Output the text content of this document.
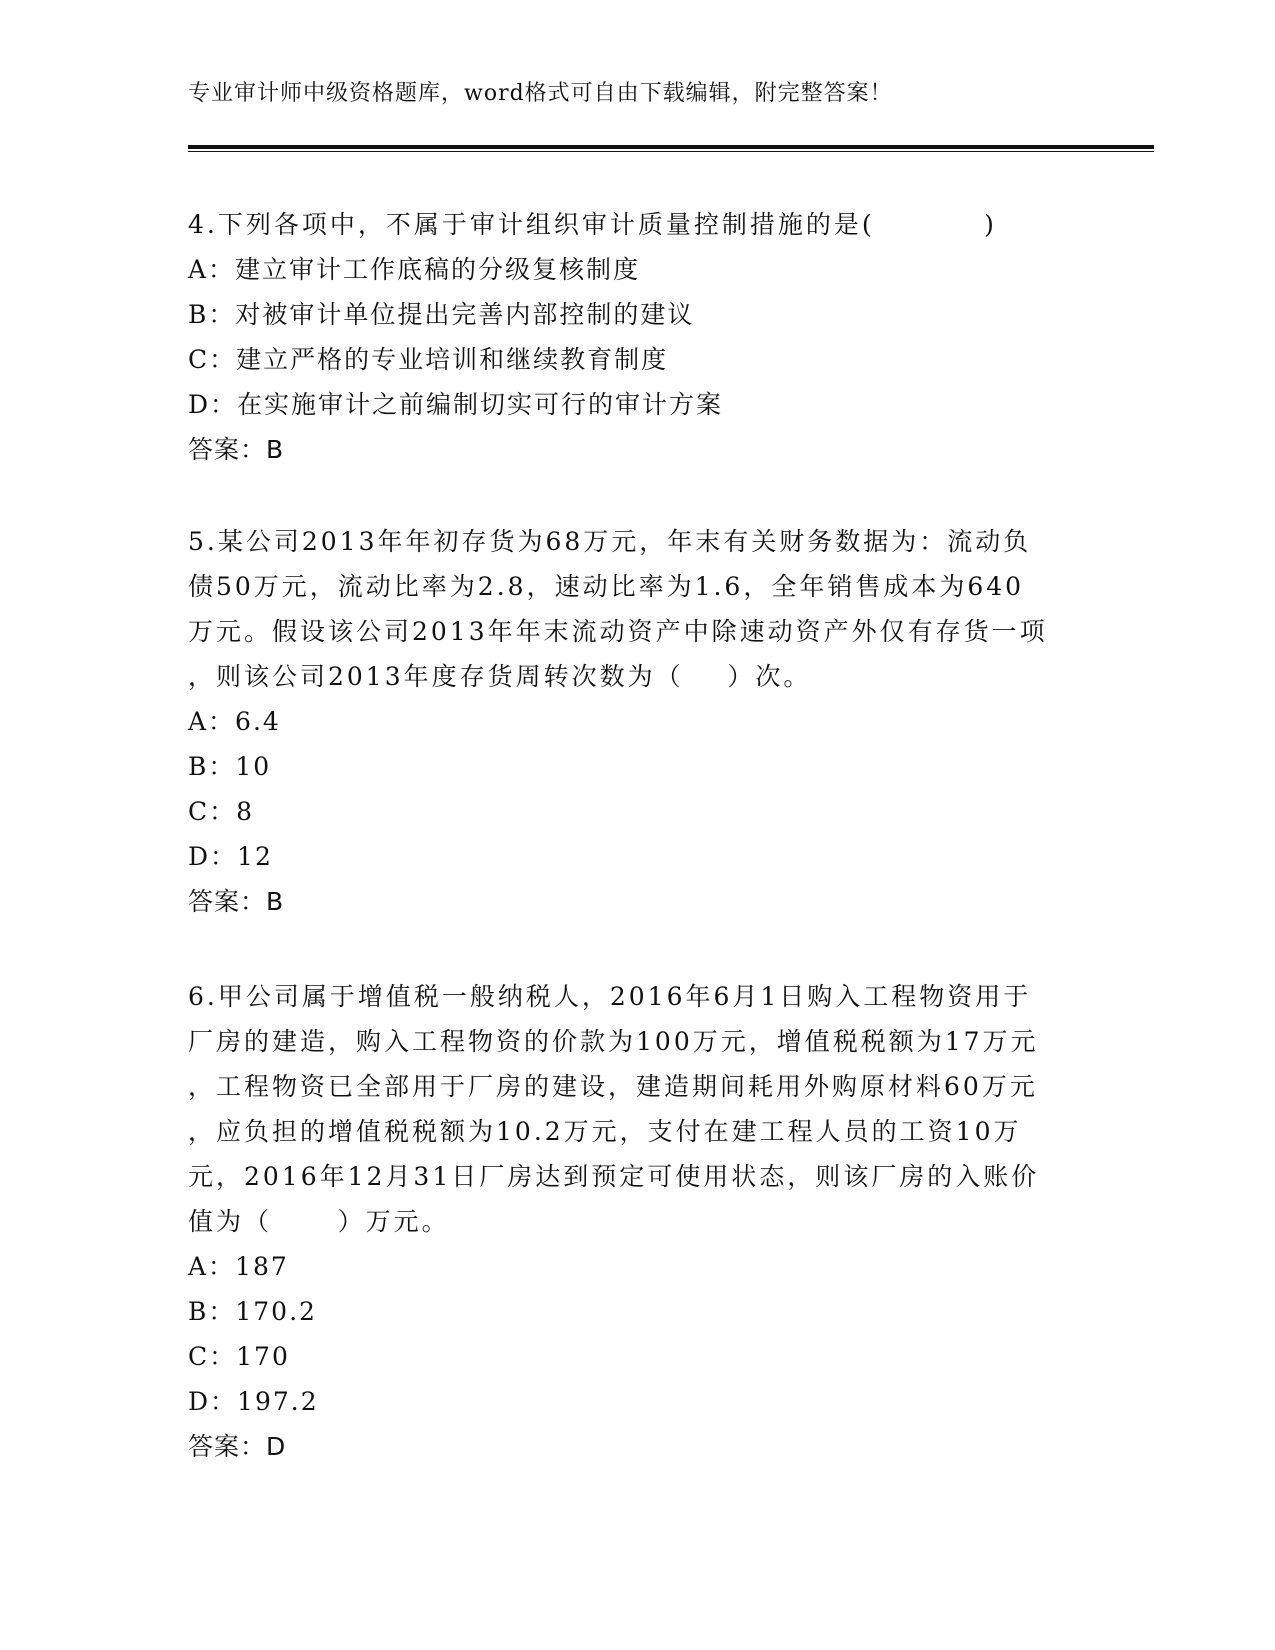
专业审计师中级资格题库，word格式可自由下载编辑，附完整答案！

4.下列各项中，不属于审计组织审计质量控制措施的是(          )

A：建立审计工作底稿的分级复核制度

B：对被审计单位提出完善内部控制的建议

C：建立严格的专业培训和继续教育制度

D：在实施审计之前编制切实可行的审计方案

答案：B

5.某公司2013年年初存货为68万元，年末有关财务数据为：流动负

债50万元，流动比率为2.8，速动比率为1.6，全年销售成本为640

万元。假设该公司2013年年末流动资产中除速动资产外仅有存货一项

，则该公司2013年度存货周转次数为（    ）次。

A：6.4

B：10

C：8

D：12

答案：B

6.甲公司属于增值税一般纳税人，2016年6月1日购入工程物资用于

厂房的建造，购入工程物资的价款为100万元，增值税税额为17万元

，工程物资已全部用于厂房的建设，建造期间耗用外购原材料60万元

，应负担的增值税税额为10.2万元，支付在建工程人员的工资10万

元，2016年12月31日厂房达到预定可使用状态，则该厂房的入账价

值为（      ）万元。

A：187

B：170.2

C：170

D：197.2

答案：D
